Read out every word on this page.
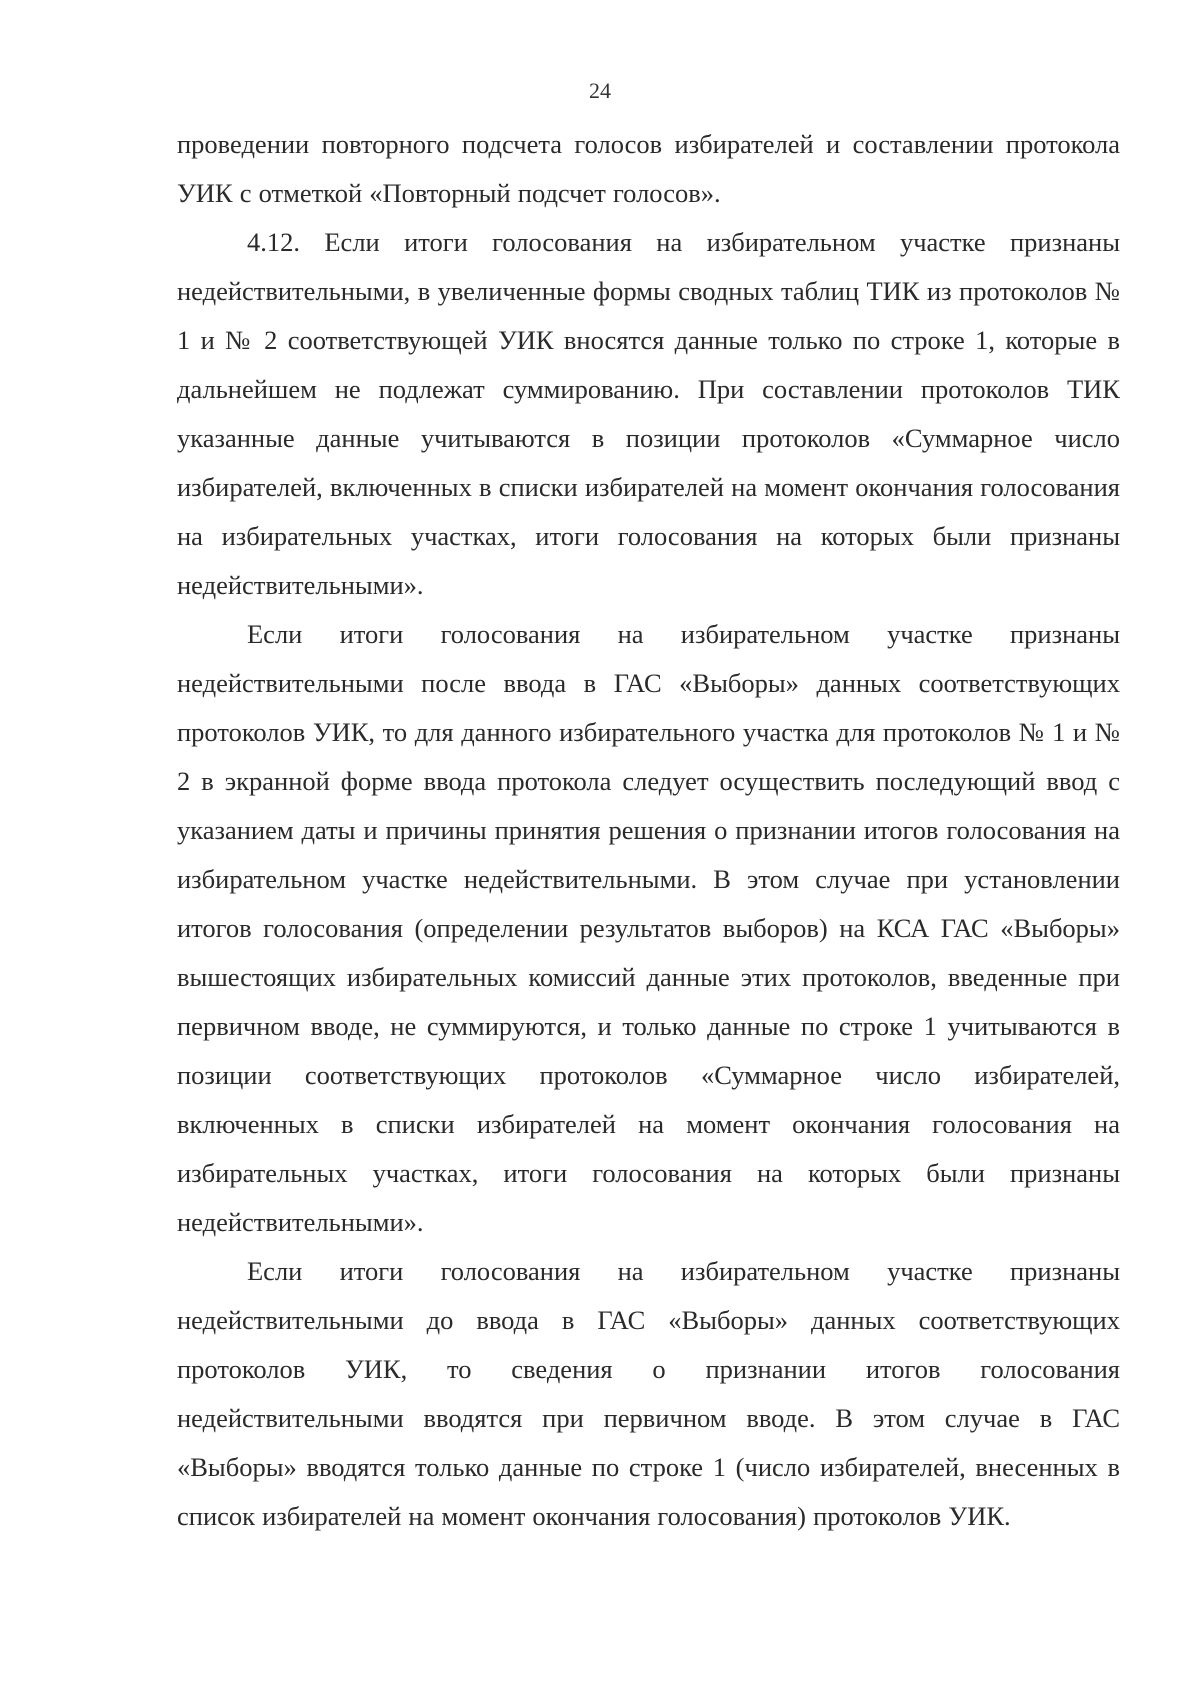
24

проведении повторного подсчета голосов избирателей и составлении протокола УИК с отметкой «Повторный подсчет голосов».

4.12. Если итоги голосования на избирательном участке признаны недействительными, в увеличенные формы сводных таблиц ТИК из протоколов № 1 и № 2 соответствующей УИК вносятся данные только по строке 1, которые в дальнейшем не подлежат суммированию. При составлении протоколов ТИК указанные данные учитываются в позиции протоколов «Суммарное число избирателей, включенных в списки избирателей на момент окончания голосования на избирательных участках, итоги голосования на которых были признаны недействительными».

Если итоги голосования на избирательном участке признаны недействительными после ввода в ГАС «Выборы» данных соответствующих протоколов УИК, то для данного избирательного участка для протоколов № 1 и № 2 в экранной форме ввода протокола следует осуществить последующий ввод с указанием даты и причины принятия решения о признании итогов голосования на избирательном участке недействительными. В этом случае при установлении итогов голосования (определении результатов выборов) на КСА ГАС «Выборы» вышестоящих избирательных комиссий данные этих протоколов, введенные при первичном вводе, не суммируются, и только данные по строке 1 учитываются в позиции соответствующих протоколов «Суммарное число избирателей, включенных в списки избирателей на момент окончания голосования на избирательных участках, итоги голосования на которых были признаны недействительными».

Если итоги голосования на избирательном участке признаны недействительными до ввода в ГАС «Выборы» данных соответствующих протоколов УИК, то сведения о признании итогов голосования недействительными вводятся при первичном вводе. В этом случае в ГАС «Выборы» вводятся только данные по строке 1 (число избирателей, внесенных в список избирателей на момент окончания голосования) протоколов УИК.
